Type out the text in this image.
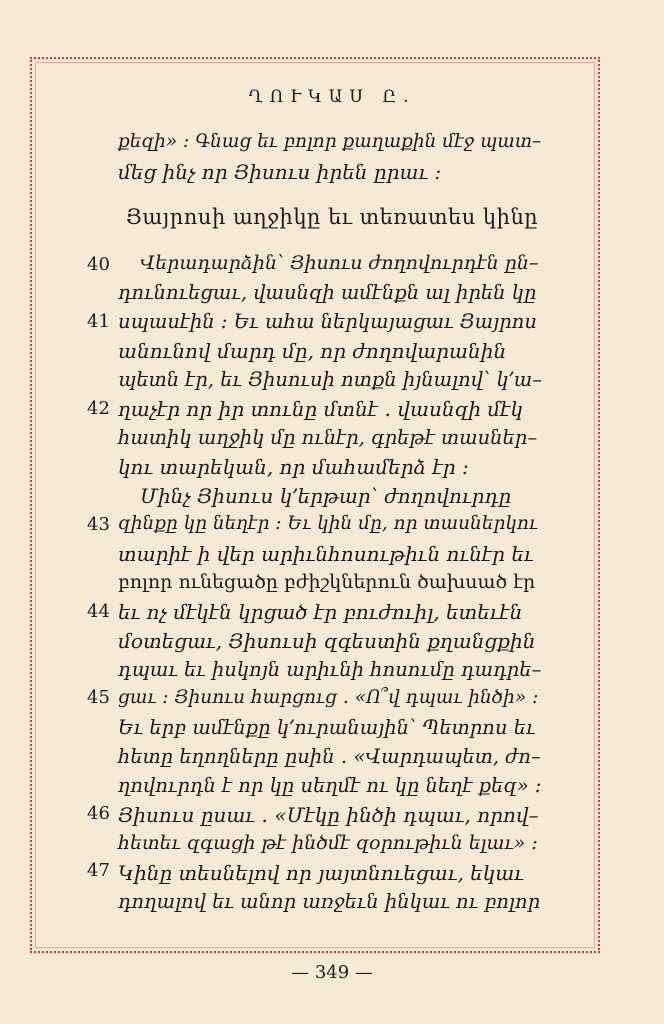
ՂՈՒԿԱՍ Ը.
քեզի» ։ Գնաց եւ բոլոր քաղաքին մէջ պատ–
մեց ինչ որ Յիսուս իրեն ըրաւ ։
Յայրոսի աղջիկը եւ տեռատես կինը
40
41
42
43
44
45
46
47
Վերադարձին՝ Յիսուս ժողովուրդէն ըն–
դունուեցաւ, վասնզի ամէնքն ալ իրեն կը
սպասէին ։ Եւ ահա ներկայացաւ Յայրոս
անունով մարդ մը, որ ժողովարանին
պետն էր, եւ Յիսուսի ոտքն իյնալով՝ կ՚ա–
ղաչէր որ իր տունը մտնէ ․ վասնզի մէկ
հատիկ աղջիկ մը ունէր, գրեթէ տասներ–
կու տարեկան, որ մահամերձ էր ։
Մինչ Յիսուս կ՚երթար՝ ժողովուրդը
զինքը կը նեղէր ։ Եւ կին մը, որ տասներկու
տարիէ ի վեր արիւնհոսութիւն ունէր եւ
բոլոր ունեցածը բժիշկներուն ծախսած էր
եւ ոչ մէկէն կրցած էր բուժուիլ, ետեւէն
մօտեցաւ, Յիսուսի զգեստին քղանցքին
դպաւ եւ իսկոյն արիւնի հոսումը դադրե–
ցաւ ։ Յիսուս հարցուց ․ «Ո՞վ դպաւ ինծի» ։
Եւ երբ ամէնքը կ՚ուրանային՝ Պետրոս եւ
հետը եղողները ըսին ․ «Վարդապետ, ժո–
ղովուրդն է որ կը սեղմէ ու կը նեղէ քեզ» ։
Յիսուս ըսաւ ․ «Մէկը ինծի դպաւ, որով–
հետեւ զգացի թէ ինծմէ զօրութիւն ելաւ» ։
Կինը տեսնելով որ յայտնուեցաւ, եկաւ
դողալով եւ անոր առջեւն ինկաւ ու բոլոր
— 349 —
